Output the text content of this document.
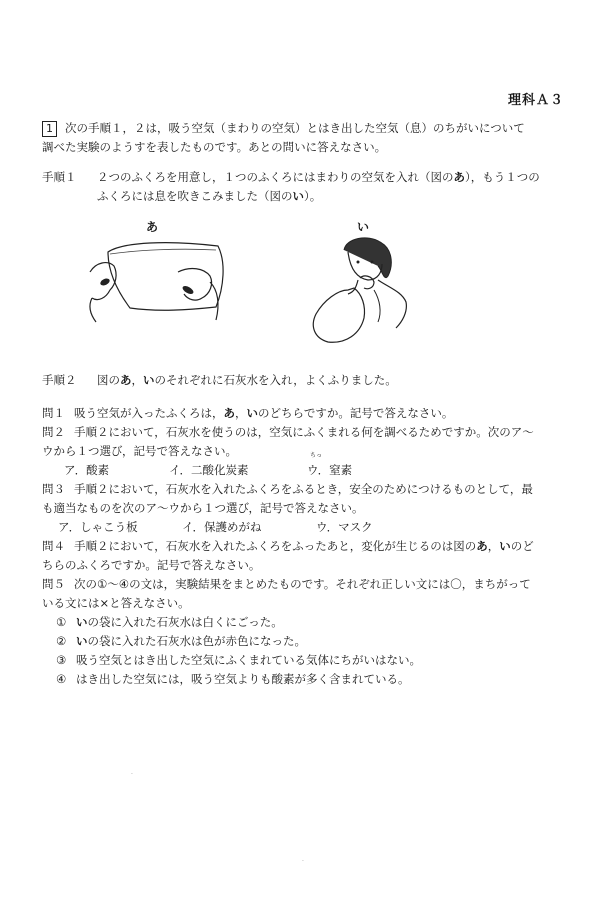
理科Ａ３
1 次の手順１，２は，吸う空気（まわりの空気）とはき出した空気（息）のちがいについて
調べた実験のようすを表したものです。あとの問いに答えなさい。
手順１ ２つのふくろを用意し，１つのふくろにはまわりの空気を入れ（図のあ），もう１つの
ふくろには息を吹きこみました（図のい）。
あ	い
手順２ 図のあ，いのそれぞれに石灰水を入れ，よくふりました。
問１ 吸う空気が入ったふくろは，あ，いのどちらですか。記号で答えなさい。
問２ 手順２において，石灰水を使うのは，空気にふくまれる何を調べるためですか。次のア～
ウから１つ選び，記号で答えなさい。
ア．酸素	イ．二酸化炭素
ちっ
ウ．窒素
問３ 手順２において，石灰水を入れたふくろをふるとき，安全のためにつけるものとして，最
も適当なものを次のア～ウから１つ選び，記号で答えなさい。
ア．しゃこう板	イ．保護めがね	ウ．マスク
問４ 手順２において，石灰水を入れたふくろをふったあと，変化が生じるのは図のあ，いのど
ちらのふくろですか。記号で答えなさい。
問５ 次の①～④の文は，実験結果をまとめたものです。それぞれ正しい文には〇，まちがって
いる文には×と答えなさい。
① いの袋に入れた石灰水は白くにごった。
② いの袋に入れた石灰水は色が赤色になった。
③ 吸う空気とはき出した空気にふくまれている気体にちがいはない。
④ はき出した空気には，吸う空気よりも酸素が多く含まれている。
·
·
